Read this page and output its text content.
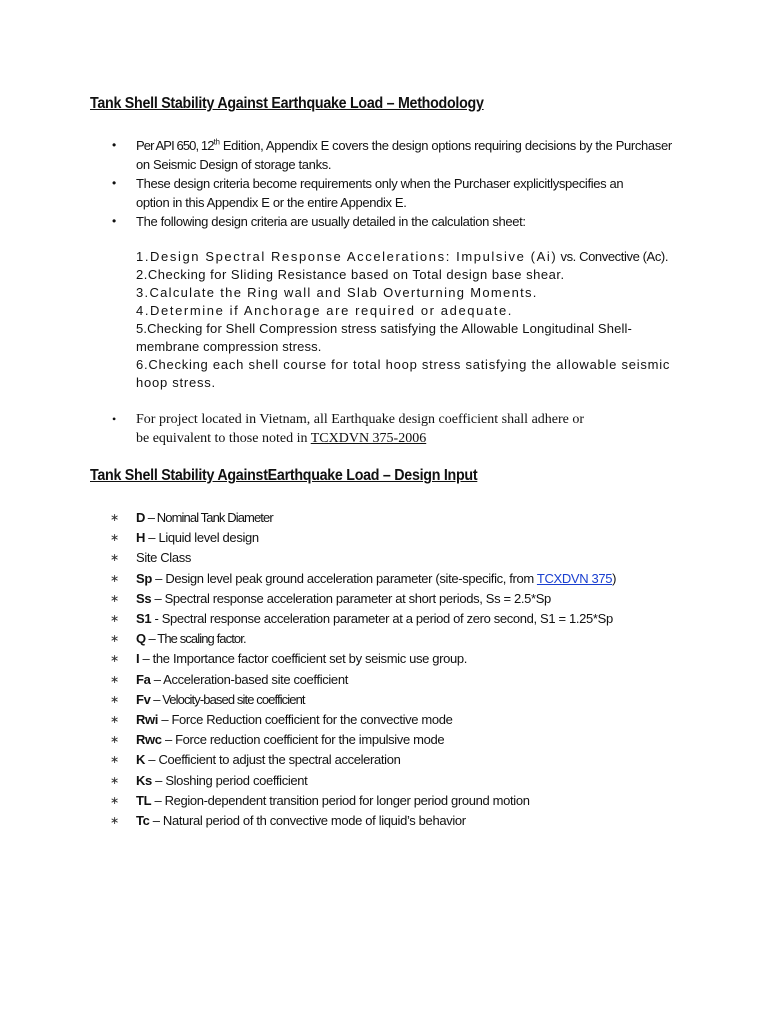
Tank Shell Stability Against Earthquake Load – Methodology
• Per API 650, 12th Edition, Appendix E covers the design options requiring decisions by the Purchaser
on Seismic Design of storage tanks.
• These design criteria become requirements only when the Purchaser explicitlyspecifies an
option in this Appendix E or the entire Appendix E.
• The following design criteria are usually detailed in the calculation sheet:
1.Design Spectral Response Accelerations: Impulsive (Ai) vs. Convective (Ac).
2.Checking for Sliding Resistance based on Total design base shear.
3.Calculate the Ring wall and Slab Overturning Moments.
4.Determine if Anchorage are required or adequate.
5.Checking for Shell Compression stress satisfying the Allowable Longitudinal Shell-membrane compression stress.
6.Checking each shell course for total hoop stress satisfying the allowable seismic hoop stress.
• For project located in Vietnam, all Earthquake design coefficient shall adhere or
be equivalent to those noted in TCXDVN 375-2006
Tank Shell Stability AgainstEarthquake Load – Design Input
∗ D – Nominal Tank Diameter
∗ H – Liquid level design
∗ Site Class
∗ Sp – Design level peak ground acceleration parameter (site-specific, from TCXDVN 375)
∗ Ss – Spectral response acceleration parameter at short periods, Ss = 2.5*Sp
∗ S1 - Spectral response acceleration parameter at a period of zero second, S1 = 1.25*Sp
∗ Q – The scaling factor.
∗ I – the Importance factor coefficient set by seismic use group.
∗ Fa – Acceleration-based site coefficient
∗ Fv – Velocity-based site coefficient
∗ Rwi – Force Reduction coefficient for the convective mode
∗ Rwc – Force reduction coefficient for the impulsive mode
∗ K – Coefficient to adjust the spectral acceleration
∗ Ks – Sloshing period coefficient
∗ TL – Region-dependent transition period for longer period ground motion
∗ Tc – Natural period of th convective mode of liquid’s behavior
